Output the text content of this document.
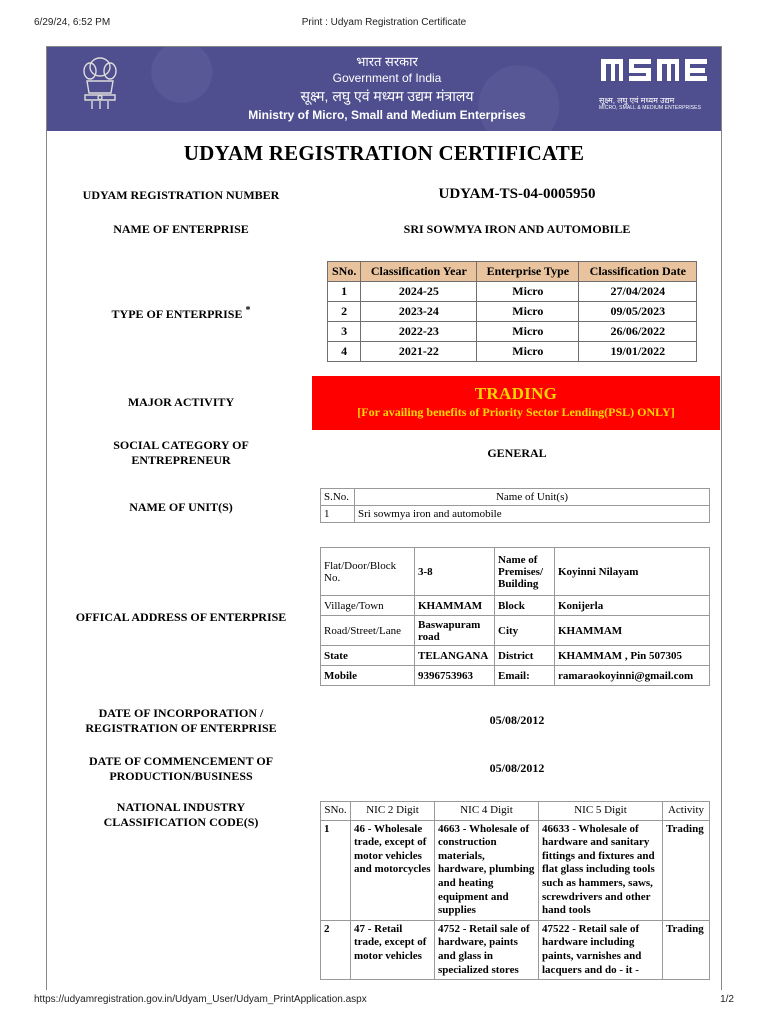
6/29/24, 6:52 PM	Print : Udyam Registration Certificate
भारत सरकार
Government of India
सूक्ष्म, लघु एवं मध्यम उद्यम मंत्रालय
Ministry of Micro, Small and Medium Enterprises
सूक्ष्म, लघु एवं मध्यम उद्यम
MICRO, SMALL & MEDIUM ENTERPRISES
UDYAM REGISTRATION CERTIFICATE
UDYAM REGISTRATION NUMBER	UDYAM-TS-04-0005950
NAME OF ENTERPRISE	SRI SOWMYA IRON AND AUTOMOBILE
TYPE OF ENTERPRISE *
SNo.	Classification Year	Enterprise Type	Classification Date
1	2024-25	Micro	27/04/2024
2	2023-24	Micro	09/05/2023
3	2022-23	Micro	26/06/2022
4	2021-22	Micro	19/01/2022
MAJOR ACTIVITY	TRADING
[For availing benefits of Priority Sector Lending(PSL) ONLY]
SOCIAL CATEGORY OF ENTREPRENEUR	GENERAL
NAME OF UNIT(S)
S.No.	Name of Unit(s)
1	Sri sowmya iron and automobile
OFFICAL ADDRESS OF ENTERPRISE
Flat/Door/Block No.	3-8	Name of Premises/ Building	Koyinni Nilayam
Village/Town	KHAMMAM	Block	Konijerla
Road/Street/Lane	Baswapuram road	City	KHAMMAM
State	TELANGANA	District	KHAMMAM , Pin 507305
Mobile	9396753963	Email:	ramaraokoyinni@gmail.com
DATE OF INCORPORATION / REGISTRATION OF ENTERPRISE
05/08/2012
DATE OF COMMENCEMENT OF PRODUCTION/BUSINESS
05/08/2012
NATIONAL INDUSTRY CLASSIFICATION CODE(S)
SNo.	NIC 2 Digit	NIC 4 Digit	NIC 5 Digit	Activity
1	46 - Wholesale trade, except of motor vehicles and motorcycles	4663 - Wholesale of construction materials, hardware, plumbing and heating equipment and supplies	46633 - Wholesale of hardware and sanitary fittings and fixtures and flat glass including tools such as hammers, saws, screwdrivers and other hand tools	Trading
2	47 - Retail trade, except of motor vehicles	4752 - Retail sale of hardware, paints and glass in specialized stores	47522 - Retail sale of hardware including paints, varnishes and lacquers and do - it -	Trading
https://udyamregistration.gov.in/Udyam_User/Udyam_PrintApplication.aspx	1/2
